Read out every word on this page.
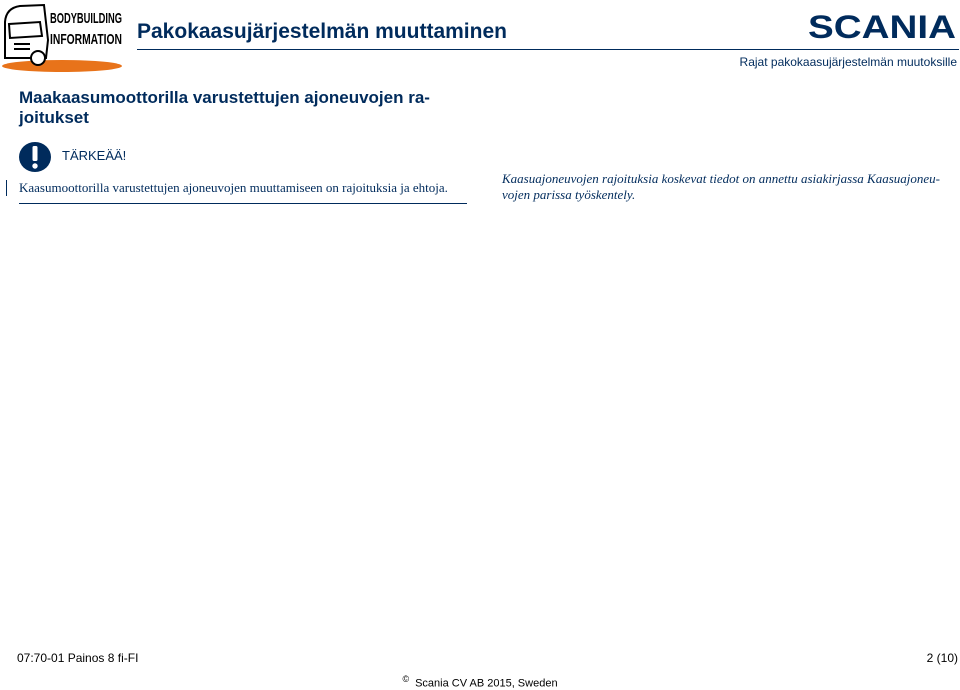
BODYBUILDING
INFORMATION Pakokaasujärjestelmän muuttaminen	SCANIA
Rajat pakokaasujärjestelmän muutoksille
Maakaasumoottorilla varustettujen ajoneuvojen rajoitukset
TÄRKEÄÄ!
Kaasumoottorilla varustettujen ajoneuvojen muuttamiseen on rajoituksia ja ehtoja.
Kaasuajoneuvojen rajoituksia koskevat tiedot on annettu asiakirjassa Kaasuajoneuvojen parissa työskentely.
07:70-01 Painos 8 fi-FI	2 (10)
© Scania CV AB 2015, Sweden
